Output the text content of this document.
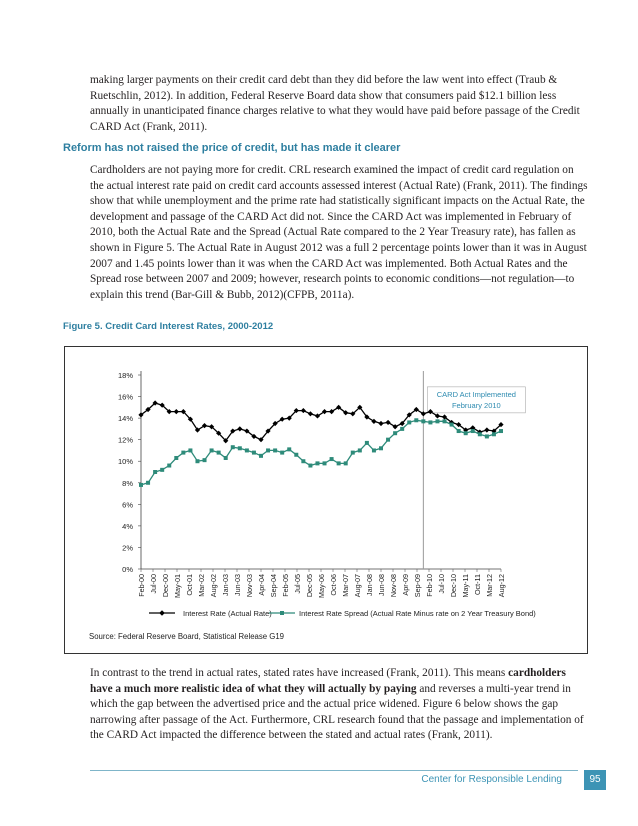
making larger payments on their credit card debt than they did before the law went into effect (Traub & Ruetschlin, 2012). In addition, Federal Reserve Board data show that consumers paid $12.1 billion less annually in unanticipated finance charges relative to what they would have paid before passage of the Credit CARD Act (Frank, 2011).

Reform has not raised the price of credit, but has made it clearer

Cardholders are not paying more for credit. CRL research examined the impact of credit card regulation on the actual interest rate paid on credit card accounts assessed interest (Actual Rate) (Frank, 2011). The findings show that while unemployment and the prime rate had statistically significant impacts on the Actual Rate, the development and passage of the CARD Act did not. Since the CARD Act was implemented in February of 2010, both the Actual Rate and the Spread (Actual Rate compared to the 2 Year Treasury rate), has fallen as shown in Figure 5. The Actual Rate in August 2012 was a full 2 percentage points lower than it was in August 2007 and 1.45 points lower than it was when the CARD Act was implemented. Both Actual Rates and the Spread rose between 2007 and 2009; however, research points to economic conditions—not regulation—to explain this trend (Bar-Gill & Bubb, 2012)(CFPB, 2011a).

Figure 5. Credit Card Interest Rates, 2000-2012

0%
2%
4%
6%
8%
10%
12%
14%
16%
18%
Feb-00 Jul-00 Dec-00 May-01 Oct-01 Mar-02 Aug-02 Jan-03 Jun-03 Nov-03 Apr-04 Sep-04 Feb-05 Jul-05 Dec-05 May-06 Oct-06 Mar-07 Aug-07 Jan-08 Jun-08 Nov-08 Apr-09 Sep-09 Feb-10 Jul-10 Dec-10 May-11 Oct-11 Mar-12 Aug-12
CARD Act Implemented
February 2010
Interest Rate (Actual Rate)	Interest Rate Spread (Actual Rate Minus rate on 2 Year Treasury Bond)
Source: Federal Reserve Board, Statistical Release G19

In contrast to the trend in actual rates, stated rates have increased (Frank, 2011). This means cardholders have a much more realistic idea of what they will actually by paying and reverses a multi-year trend in which the gap between the advertised price and the actual price widened. Figure 6 below shows the gap narrowing after passage of the Act. Furthermore, CRL research found that the passage and implementation of the CARD Act impacted the difference between the stated and actual rates (Frank, 2011).

Center for Responsible Lending	95
